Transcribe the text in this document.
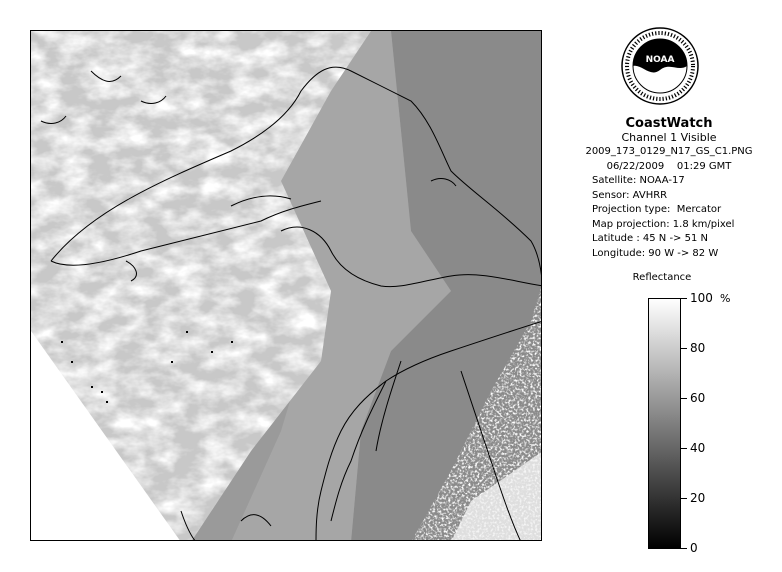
NOAA
CoastWatch
Channel 1 Visible
2009_173_0129_N17_GS_C1.PNG
06/22/2009    01:29 GMT
Satellite: NOAA-17
Sensor: AVHRR
Projection type:  Mercator
Map projection: 1.8 km/pixel
Latitude : 45 N -> 51 N
Longitude: 90 W -> 82 W
Reflectance
%
100
80
60
40
20
0
